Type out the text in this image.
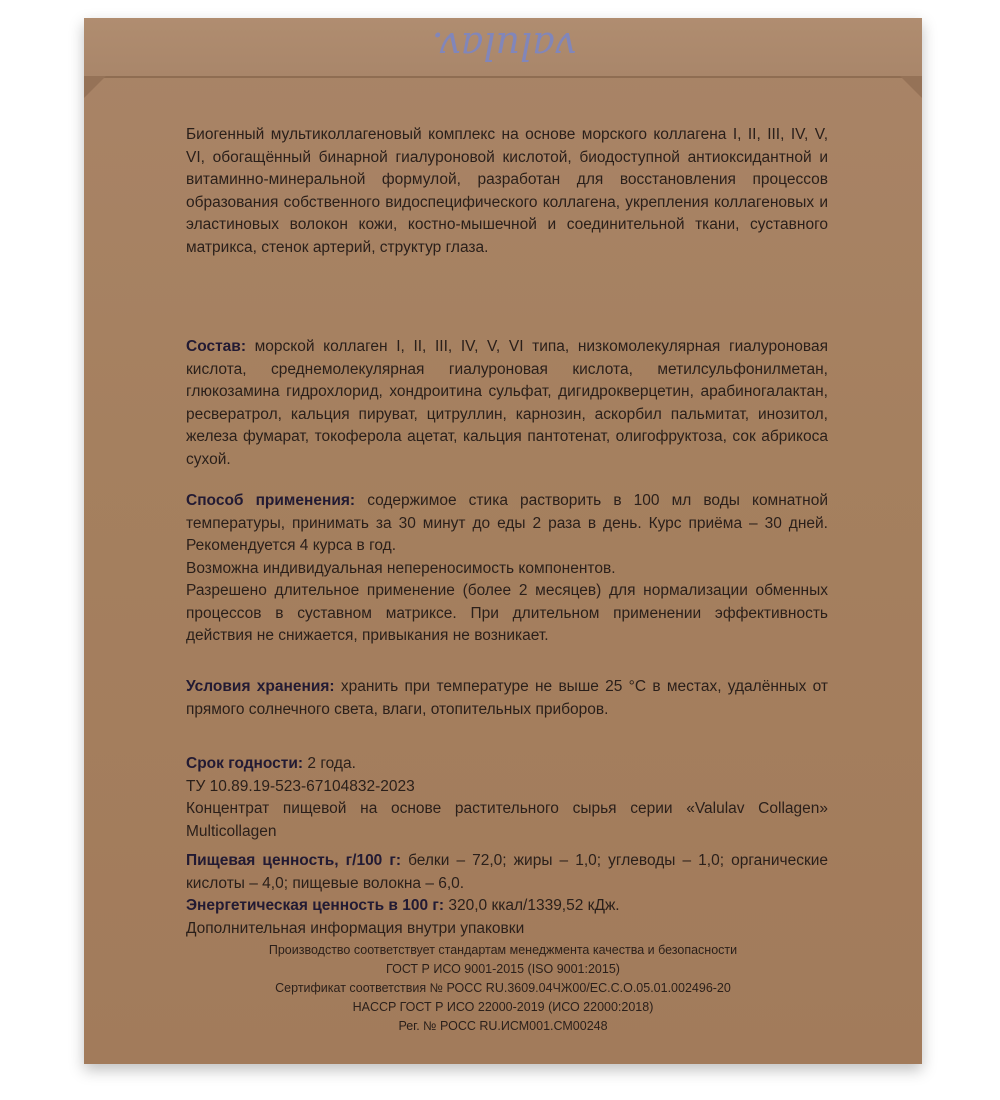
valulav.
Биогенный мультиколлагеновый комплекс на основе морского коллагена I, II, III, IV, V, VI, обогащённый бинарной гиалуроновой кислотой, биодоступной антиоксидантной и витаминно-минеральной формулой, разработан для восстановления процессов образования собственного видоспецифического коллагена, укрепления коллагеновых и эластиновых волокон кожи, костно-мышечной и соединительной ткани, суставного матрикса, стенок артерий, структур глаза.
Состав: морской коллаген I, II, III, IV, V, VI типа, низкомолекулярная гиалуроновая кислота, среднемолекулярная гиалуроновая кислота, метилсульфонилметан, глюкозамина гидрохлорид, хондроитина сульфат, дигидрокверцетин, арабиногалактан, ресвератрол, кальция пируват, цитруллин, карнозин, аскорбил пальмитат, инозитол, железа фумарат, токоферола ацетат, кальция пантотенат, олигофруктоза, сок абрикоса сухой.
Способ применения: содержимое стика растворить в 100 мл воды комнатной температуры, принимать за 30 минут до еды 2 раза в день. Курс приёма – 30 дней. Рекомендуется 4 курса в год.
Возможна индивидуальная непереносимость компонентов.
Разрешено длительное применение (более 2 месяцев) для нормализации обменных процессов в суставном матриксе. При длительном применении эффективность действия не снижается, привыкания не возникает.
Условия хранения: хранить при температуре не выше 25 °С в местах, удалённых от прямого солнечного света, влаги, отопительных приборов.
Срок годности: 2 года.
ТУ 10.89.19-523-67104832-2023
Концентрат пищевой на основе растительного сырья серии «Valulav Collagen» Multicollagen
Пищевая ценность, г/100 г: белки – 72,0; жиры – 1,0; углеводы – 1,0; органические кислоты – 4,0; пищевые волокна – 6,0.
Энергетическая ценность в 100 г: 320,0 ккал/1339,52 кДж.
Дополнительная информация внутри упаковки
Производство соответствует стандартам менеджмента качества и безопасности
ГОСТ Р ИСО 9001-2015 (ISO 9001:2015)
Сертификат соответствия № РОСС RU.3609.04ЧЖ00/ЕС.С.О.05.01.002496-20
HACCP ГОСТ Р ИСО 22000-2019 (ИСО 22000:2018)
Рег. № РОСС RU.ИСМ001.СМ00248
